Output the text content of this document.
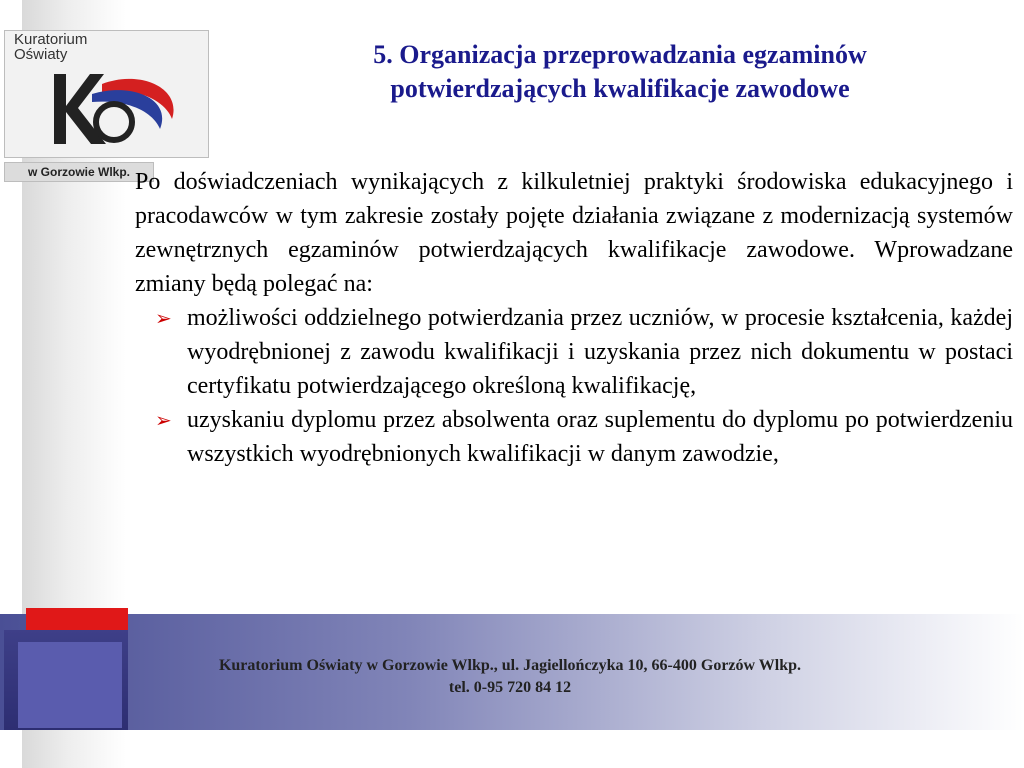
Kuratorium
Oświaty
w Gorzowie Wlkp.
5. Organizacja przeprowadzania egzaminów
potwierdzających kwalifikacje zawodowe

Po doświadczeniach wynikających z kilkuletniej praktyki środowiska edukacyjnego i pracodawców w tym zakresie zostały pojęte działania związane z modernizacją systemów zewnętrznych egzaminów potwierdzających kwalifikacje zawodowe. Wprowadzane zmiany będą polegać na:

➢ możliwości oddzielnego potwierdzania przez uczniów, w procesie kształcenia, każdej wyodrębnionej z zawodu kwalifikacji i uzyskania przez nich dokumentu w postaci certyfikatu potwierdzającego określoną kwalifikację,
➢ uzyskaniu dyplomu przez absolwenta oraz suplementu do dyplomu po potwierdzeniu wszystkich wyodrębnionych kwalifikacji w danym zawodzie,
Kuratorium Oświaty w Gorzowie Wlkp., ul. Jagiellończyka 10, 66-400 Gorzów Wlkp.
tel. 0-95 720 84 12
